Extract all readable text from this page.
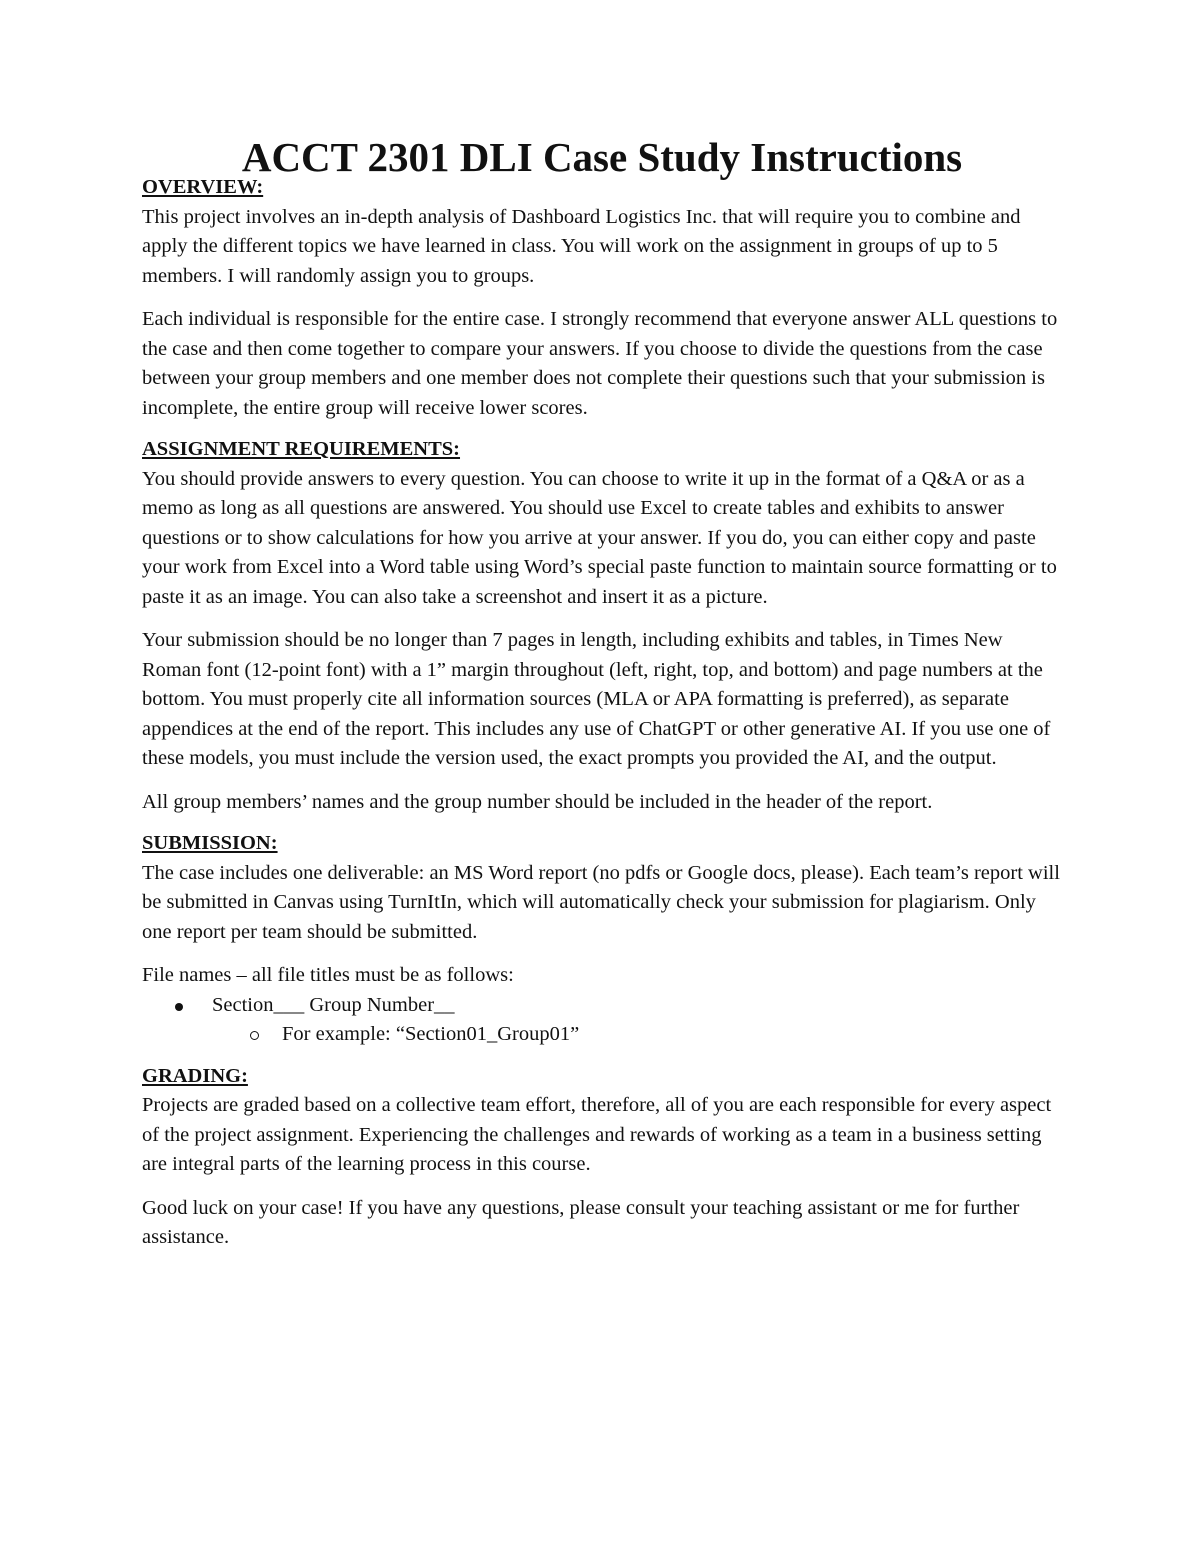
ACCT 2301 DLI Case Study Instructions
OVERVIEW:

This project involves an in-depth analysis of Dashboard Logistics Inc. that will require you to combine and apply the different topics we have learned in class. You will work on the assignment in groups of up to 5 members. I will randomly assign you to groups.

Each individual is responsible for the entire case. I strongly recommend that everyone answer ALL questions to the case and then come together to compare your answers. If you choose to divide the questions from the case between your group members and one member does not complete their questions such that your submission is incomplete, the entire group will receive lower scores.

ASSIGNMENT REQUIREMENTS:

You should provide answers to every question. You can choose to write it up in the format of a Q&A or as a memo as long as all questions are answered. You should use Excel to create tables and exhibits to answer questions or to show calculations for how you arrive at your answer. If you do, you can either copy and paste your work from Excel into a Word table using Word’s special paste function to maintain source formatting or to paste it as an image. You can also take a screenshot and insert it as a picture.

Your submission should be no longer than 7 pages in length, including exhibits and tables, in Times New Roman font (12-point font) with a 1” margin throughout (left, right, top, and bottom) and page numbers at the bottom. You must properly cite all information sources (MLA or APA formatting is preferred), as separate appendices at the end of the report. This includes any use of ChatGPT or other generative AI. If you use one of these models, you must include the version used, the exact prompts you provided the AI, and the output.

All group members’ names and the group number should be included in the header of the report.

SUBMISSION:

The case includes one deliverable: an MS Word report (no pdfs or Google docs, please). Each team’s report will be submitted in Canvas using TurnItIn, which will automatically check your submission for plagiarism. Only one report per team should be submitted.

File names – all file titles must be as follows:

Section___ Group Number__
For example: “Section01_Group01”
GRADING:

Projects are graded based on a collective team effort, therefore, all of you are each responsible for every aspect of the project assignment. Experiencing the challenges and rewards of working as a team in a business setting are integral parts of the learning process in this course.

Good luck on your case! If you have any questions, please consult your teaching assistant or me for further assistance.
